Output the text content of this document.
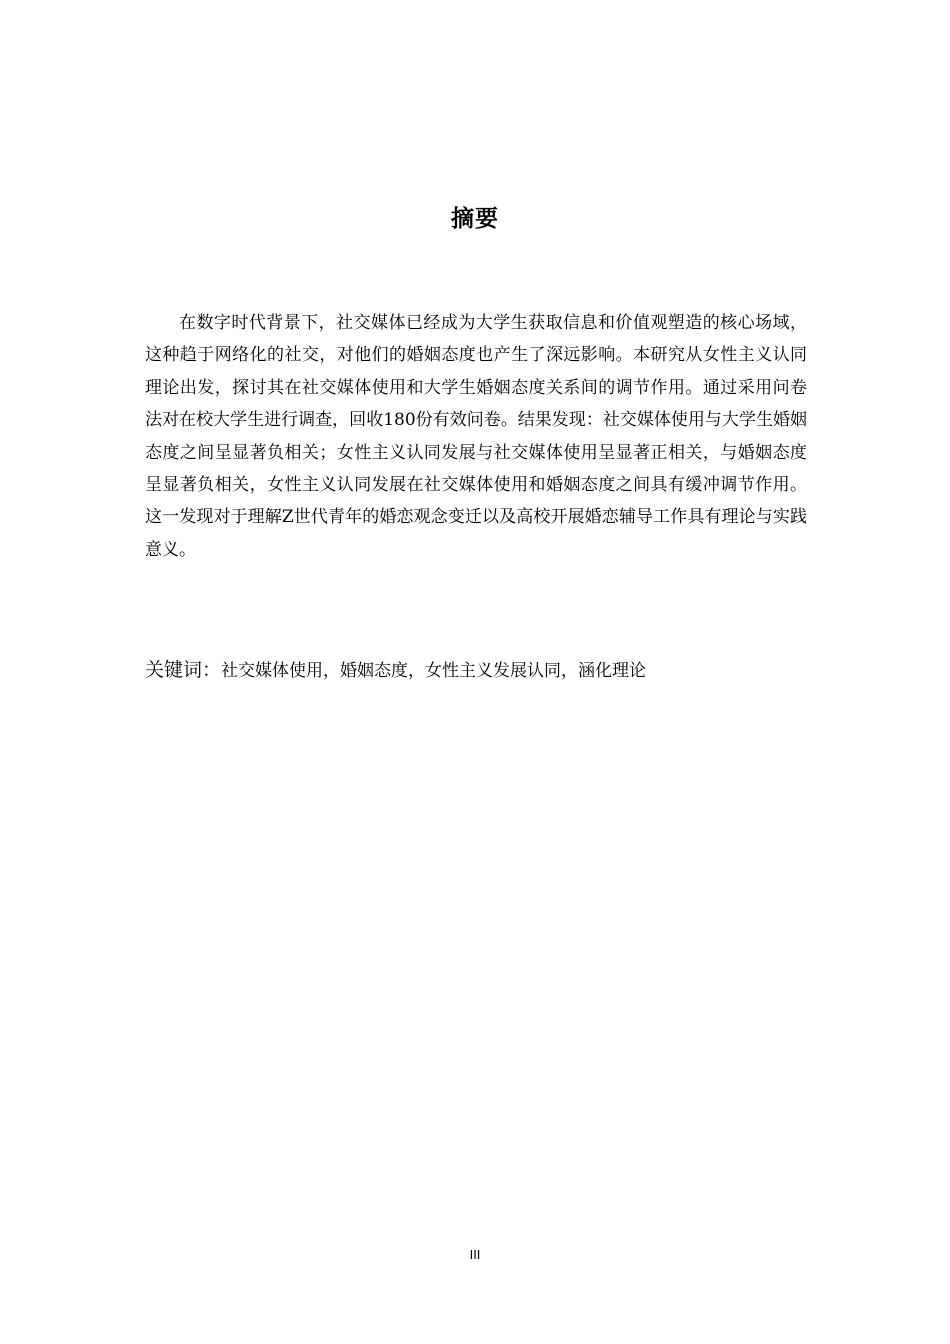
摘要

在数字时代背景下，社交媒体已经成为大学生获取信息和价值观塑造的核心场域，这种趋于网络化的社交，对他们的婚姻态度也产生了深远影响。本研究从女性主义认同理论出发，探讨其在社交媒体使用和大学生婚姻态度关系间的调节作用。通过采用问卷法对在校大学生进行调查，回收180份有效问卷。结果发现：社交媒体使用与大学生婚姻态度之间呈显著负相关；女性主义认同发展与社交媒体使用呈显著正相关，与婚姻态度呈显著负相关，女性主义认同发展在社交媒体使用和婚姻态度之间具有缓冲调节作用。这一发现对于理解Z世代青年的婚恋观念变迁以及高校开展婚恋辅导工作具有理论与实践意义。

关键词：社交媒体使用，婚姻态度，女性主义发展认同，涵化理论
III
